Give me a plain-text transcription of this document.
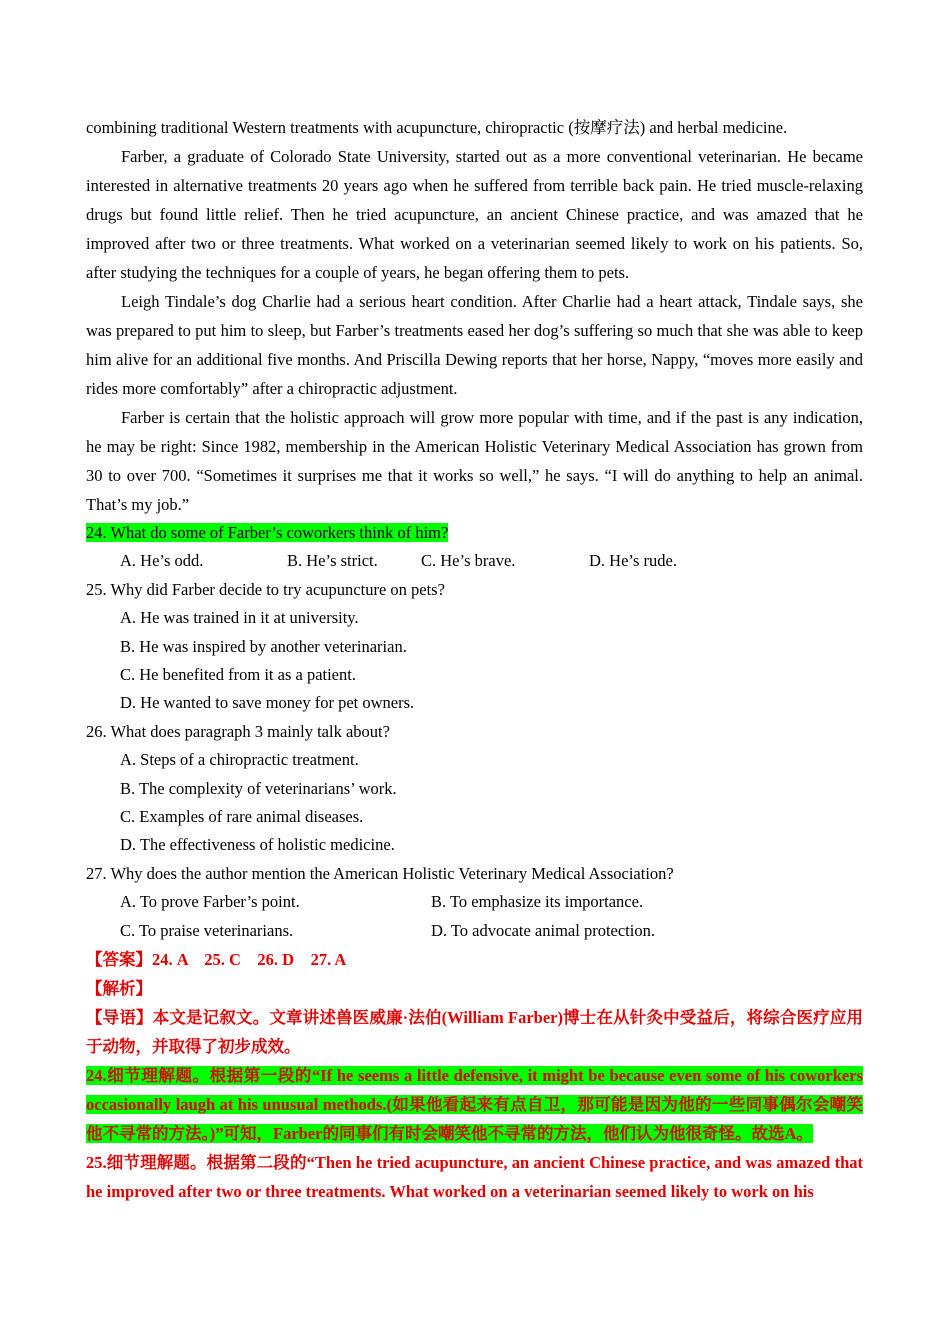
combining traditional Western treatments with acupuncture, chiropractic (按摩疗法) and herbal medicine.

Farber, a graduate of Colorado State University, started out as a more conventional veterinarian. He became interested in alternative treatments 20 years ago when he suffered from terrible back pain. He tried muscle-relaxing drugs but found little relief. Then he tried acupuncture, an ancient Chinese practice, and was amazed that he improved after two or three treatments. What worked on a veterinarian seemed likely to work on his patients. So, after studying the techniques for a couple of years, he began offering them to pets.

Leigh Tindale’s dog Charlie had a serious heart condition. After Charlie had a heart attack, Tindale says, she was prepared to put him to sleep, but Farber’s treatments eased her dog’s suffering so much that she was able to keep him alive for an additional five months. And Priscilla Dewing reports that her horse, Nappy, “moves more easily and rides more comfortably” after a chiropractic adjustment.

Farber is certain that the holistic approach will grow more popular with time, and if the past is any indication, he may be right: Since 1982, membership in the American Holistic Veterinary Medical Association has grown from 30 to over 700. “Sometimes it surprises me that it works so well,” he says. “I will do anything to help an animal. That’s my job.”

24. What do some of Farber’s coworkers think of him?

A. He’s odd.	B. He’s strict.	C. He’s brave.	D. He’s rude.

25. Why did Farber decide to try acupuncture on pets?

A. He was trained in it at university.

B. He was inspired by another veterinarian.

C. He benefited from it as a patient.

D. He wanted to save money for pet owners.

26. What does paragraph 3 mainly talk about?

A. Steps of a chiropractic treatment.

B. The complexity of veterinarians’ work.

C. Examples of rare animal diseases.

D. The effectiveness of holistic medicine.

27. Why does the author mention the American Holistic Veterinary Medical Association?

A. To prove Farber’s point.	B. To emphasize its importance.
C. To praise veterinarians.	D. To advocate animal protection.

【答案】24. A    25. C    26. D    27. A

【解析】

【导语】本文是记叙文。文章讲述兽医威廉·法伯(William Farber)博士在从针灸中受益后，将综合医疗应用于动物，并取得了初步成效。

24.细节理解题。根据第一段的“If he seems a little defensive, it might be because even some of his coworkers occasionally laugh at his unusual methods.(如果他看起来有点自卫，那可能是因为他的一些同事偶尔会嘲笑他不寻常的方法。)”可知，Farber的同事们有时会嘲笑他不寻常的方法，他们认为他很奇怪。故选A。

25.细节理解题。根据第二段的“Then he tried acupuncture, an ancient Chinese practice, and was amazed that he improved after two or three treatments. What worked on a veterinarian seemed likely to work on his
